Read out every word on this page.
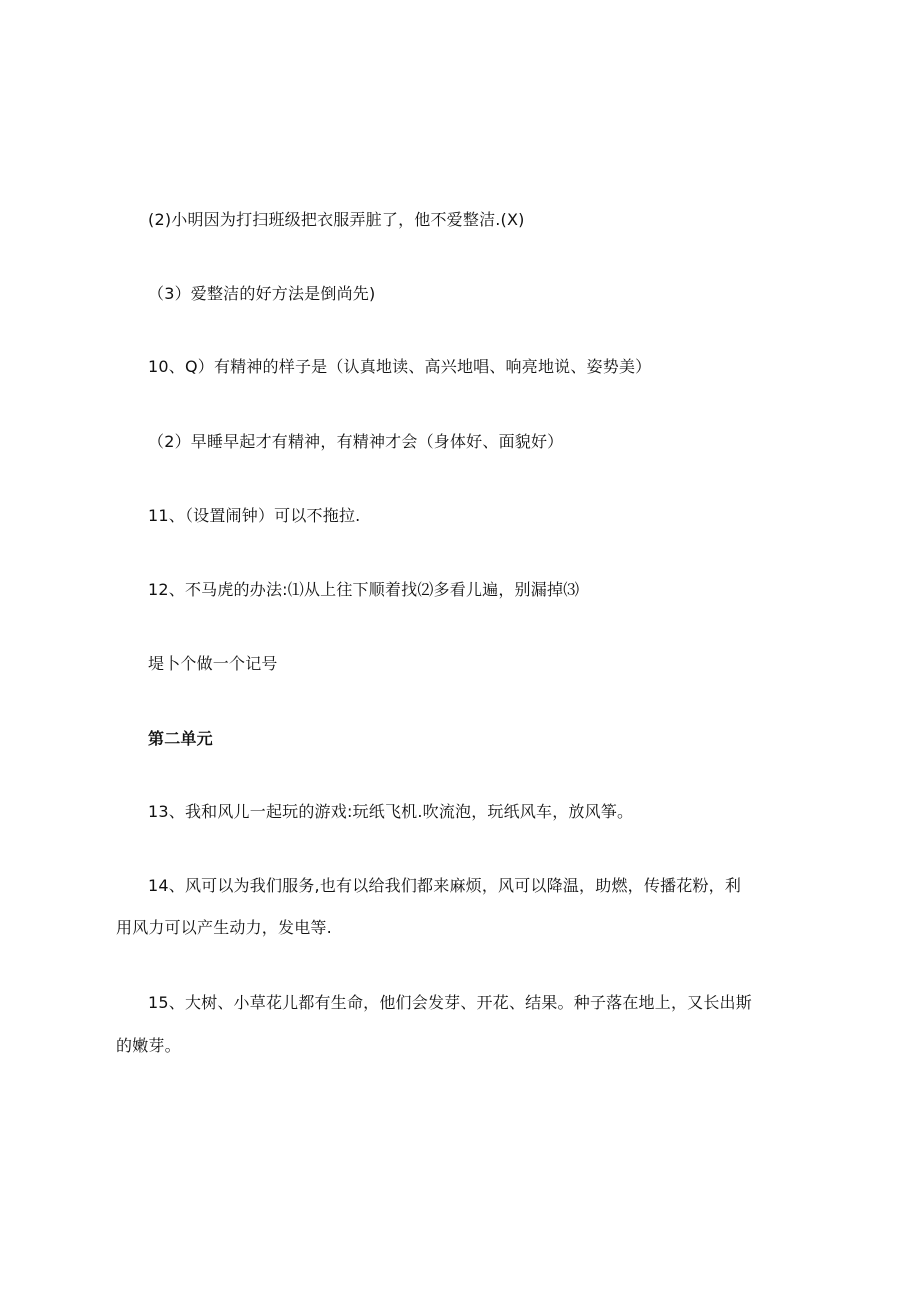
(2)小明因为打扫班级把衣服弄脏了，他不爱整洁.(X)
（3）爱整洁的好方法是倒尚先)
10、Q）有精神的样子是（认真地读、高兴地唱、响亮地说、姿势美）
（2）早睡早起才有精神，有精神才会（身体好、面貌好）
11、（设置闹钟）可以不拖拉.
12、不马虎的办法:⑴从上往下顺着找⑵多看儿遍，别漏掉⑶
堤卜个做一个记号
第二单元
13、我和风儿一起玩的游戏:玩纸飞机.吹流泡，玩纸风车，放风筝。
14、风可以为我们服务,也有以给我们都来麻烦，风可以降温，助燃，传播花粉，利
用风力可以产生动力，发电等.
15、大树、小草花儿都有生命，他们会发芽、开花、结果。种子落在地上，又长出斯
的嫩芽。
